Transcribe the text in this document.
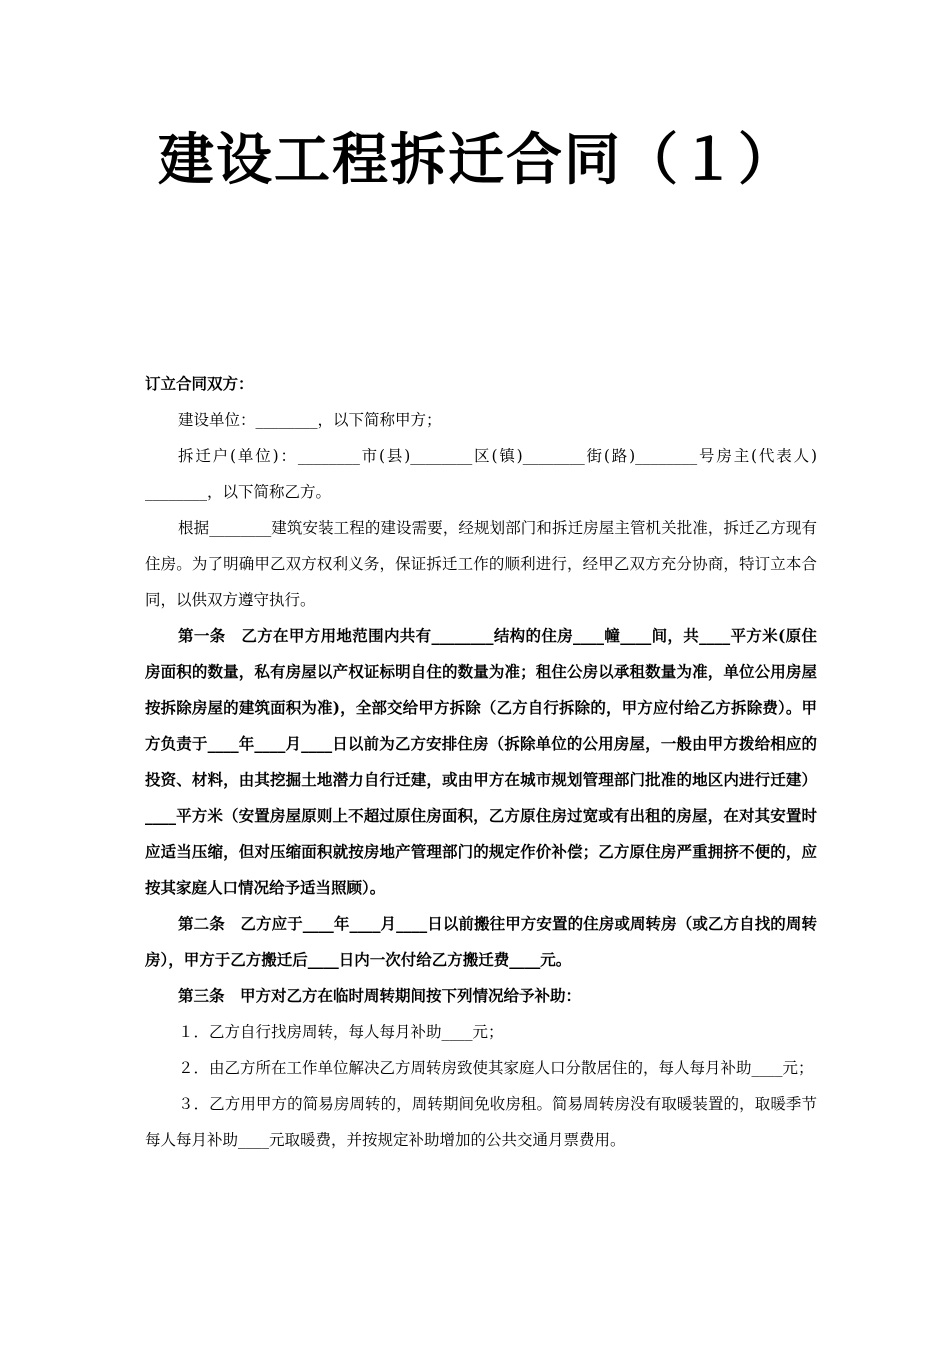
建设工程拆迁合同（１）

订立合同双方：

建设单位：________，以下简称甲方；

拆迁户(单位)：________市(县)________区(镇)________街(路)________号房主(代表人) ________，以下简称乙方。

根据________建筑安装工程的建设需要，经规划部门和拆迁房屋主管机关批准，拆迁乙方现有住房。为了明确甲乙双方权利义务，保证拆迁工作的顺利进行，经甲乙双方充分协商，特订立本合同，以供双方遵守执行。

第一条　乙方在甲方用地范围内共有________结构的住房____幢____间，共____平方米(原住房面积的数量，私有房屋以产权证标明自住的数量为准；租住公房以承租数量为准，单位公用房屋按拆除房屋的建筑面积为准)，全部交给甲方拆除（乙方自行拆除的，甲方应付给乙方拆除费）。甲方负责于____年____月____日以前为乙方安排住房（拆除单位的公用房屋，一般由甲方拨给相应的投资、材料，由其挖掘土地潜力自行迁建，或由甲方在城市规划管理部门批准的地区内进行迁建）____平方米（安置房屋原则上不超过原住房面积，乙方原住房过宽或有出租的房屋，在对其安置时应适当压缩，但对压缩面积就按房地产管理部门的规定作价补偿；乙方原住房严重拥挤不便的，应按其家庭人口情况给予适当照顾）。

第二条　乙方应于____年____月____日以前搬往甲方安置的住房或周转房（或乙方自找的周转房），甲方于乙方搬迁后____日内一次付给乙方搬迁费____元。

第三条　甲方对乙方在临时周转期间按下列情况给予补助：

１．乙方自行找房周转，每人每月补助____元；

２．由乙方所在工作单位解决乙方周转房致使其家庭人口分散居住的，每人每月补助____元；

３．乙方用甲方的简易房周转的，周转期间免收房租。简易周转房没有取暖装置的，取暖季节每人每月补助____元取暖费，并按规定补助增加的公共交通月票费用。
